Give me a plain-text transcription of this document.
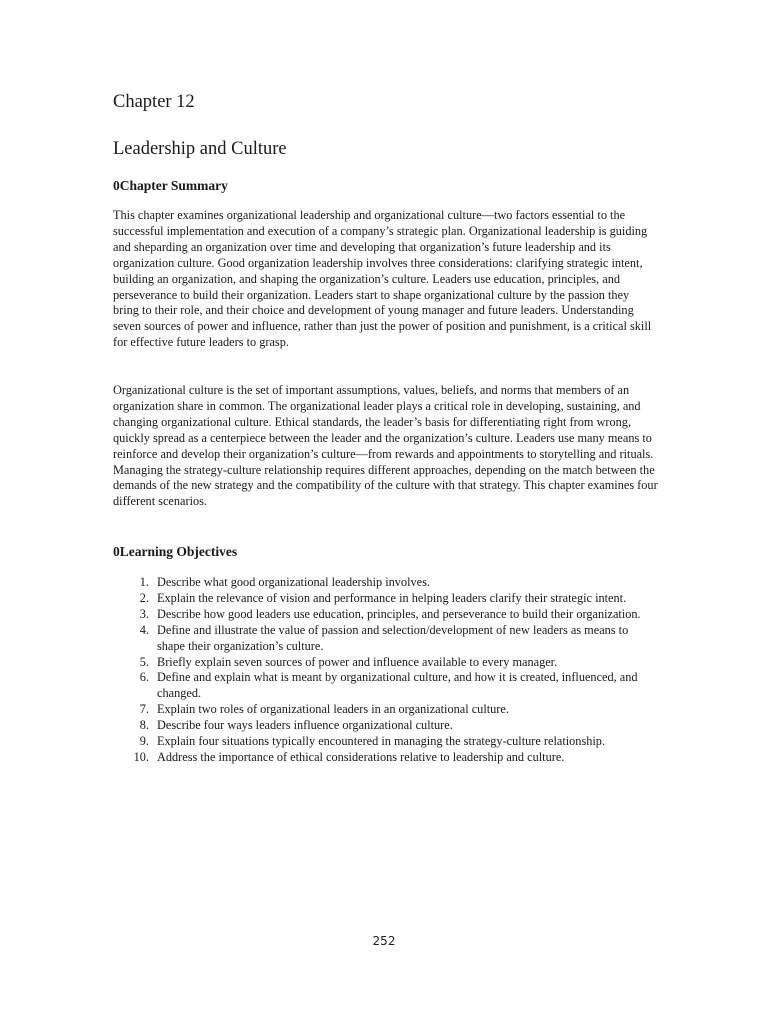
Chapter 12
Leadership and Culture
0Chapter Summary

This chapter examines organizational leadership and organizational culture—two factors essential to the successful implementation and execution of a company’s strategic plan. Organizational leadership is guiding and sheparding an organization over time and developing that organization’s future leadership and its organization culture. Good organization leadership involves three considerations: clarifying strategic intent, building an organization, and shaping the organization’s culture. Leaders use education, principles, and perseverance to build their organization. Leaders start to shape organizational culture by the passion they bring to their role, and their choice and development of young manager and future leaders. Understanding seven sources of power and influence, rather than just the power of position and punishment, is a critical skill for effective future leaders to grasp.

Organizational culture is the set of important assumptions, values, beliefs, and norms that members of an organization share in common. The organizational leader plays a critical role in developing, sustaining, and changing organizational culture. Ethical standards, the leader’s basis for differentiating right from wrong, quickly spread as a centerpiece between the leader and the organization’s culture. Leaders use many means to reinforce and develop their organization’s culture—from rewards and appointments to storytelling and rituals. Managing the strategy-culture relationship requires different approaches, depending on the match between the demands of the new strategy and the compatibility of the culture with that strategy. This chapter examines four different scenarios.

0Learning Objectives
1. Describe what good organizational leadership involves.
2. Explain the relevance of vision and performance in helping leaders clarify their strategic intent.
3. Describe how good leaders use education, principles, and perseverance to build their organization.
4. Define and illustrate the value of passion and selection/development of new leaders as means to shape their organization’s culture.
5. Briefly explain seven sources of power and influence available to every manager.
6. Define and explain what is meant by organizational culture, and how it is created, influenced, and changed.
7. Explain two roles of organizational leaders in an organizational culture.
8. Describe four ways leaders influence organizational culture.
9. Explain four situations typically encountered in managing the strategy-culture relationship.
10. Address the importance of ethical considerations relative to leadership and culture.

252
